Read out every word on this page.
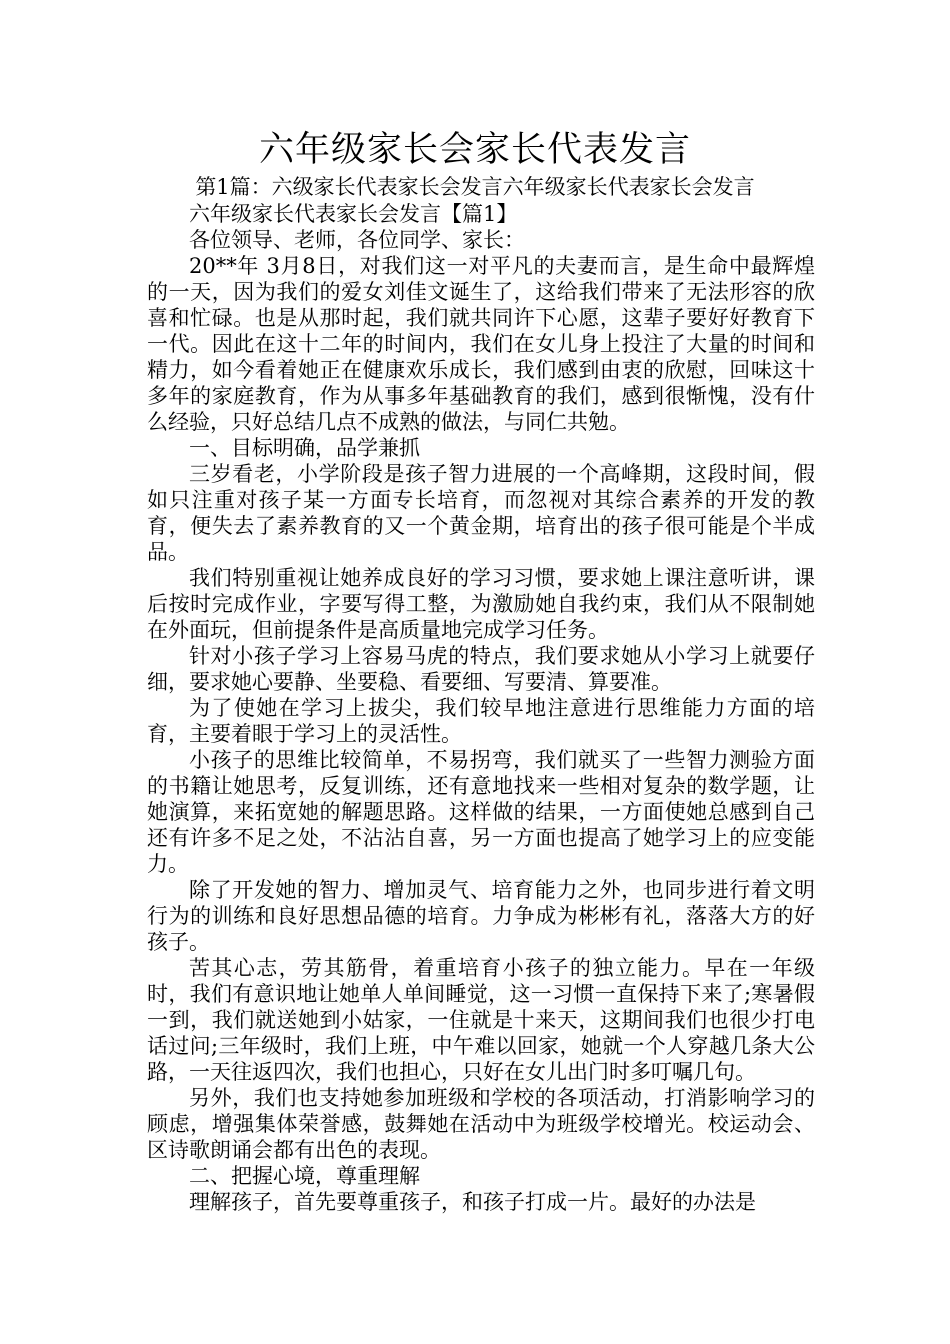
六年级家长会家长代表发言
第1篇：六级家长代表家长会发言六年级家长代表家长会发言

六年级家长代表家长会发言【篇1】

各位领导、老师，各位同学、家长：

20**年 3月8日，对我们这一对平凡的夫妻而言，是生命中最辉煌的一天，因为我们的爱女刘佳文诞生了，这给我们带来了无法形容的欣喜和忙碌。也是从那时起，我们就共同许下心愿，这辈子要好好教育下一代。因此在这十二年的时间内，我们在女儿身上投注了大量的时间和精力，如今看着她正在健康欢乐成长，我们感到由衷的欣慰，回味这十多年的家庭教育，作为从事多年基础教育的我们，感到很惭愧，没有什么经验，只好总结几点不成熟的做法，与同仁共勉。

一、目标明确，品学兼抓

三岁看老，小学阶段是孩子智力进展的一个高峰期，这段时间，假如只注重对孩子某一方面专长培育，而忽视对其综合素养的开发的教育，便失去了素养教育的又一个黄金期，培育出的孩子很可能是个半成品。

我们特别重视让她养成良好的学习习惯，要求她上课注意听讲，课后按时完成作业，字要写得工整，为激励她自我约束，我们从不限制她在外面玩，但前提条件是高质量地完成学习任务。

针对小孩子学习上容易马虎的特点，我们要求她从小学习上就要仔细，要求她心要静、坐要稳、看要细、写要清、算要准。

为了使她在学习上拔尖，我们较早地注意进行思维能力方面的培育，主要着眼于学习上的灵活性。

小孩子的思维比较简单，不易拐弯，我们就买了一些智力测验方面的书籍让她思考，反复训练，还有意地找来一些相对复杂的数学题，让她演算，来拓宽她的解题思路。这样做的结果，一方面使她总感到自己还有许多不足之处，不沾沾自喜，另一方面也提高了她学习上的应变能力。

除了开发她的智力、增加灵气、培育能力之外，也同步进行着文明行为的训练和良好思想品德的培育。力争成为彬彬有礼，落落大方的好孩子。

苦其心志，劳其筋骨，着重培育小孩子的独立能力。早在一年级时，我们有意识地让她单人单间睡觉，这一习惯一直保持下来了;寒暑假一到，我们就送她到小姑家，一住就是十来天，这期间我们也很少打电话过问;三年级时，我们上班，中午难以回家，她就一个人穿越几条大公路，一天往返四次，我们也担心，只好在女儿出门时多叮嘱几句。

另外，我们也支持她参加班级和学校的各项活动，打消影响学习的顾虑，增强集体荣誉感，鼓舞她在活动中为班级学校增光。校运动会、区诗歌朗诵会都有出色的表现。

二、把握心境，尊重理解

理解孩子，首先要尊重孩子，和孩子打成一片。最好的办法是
